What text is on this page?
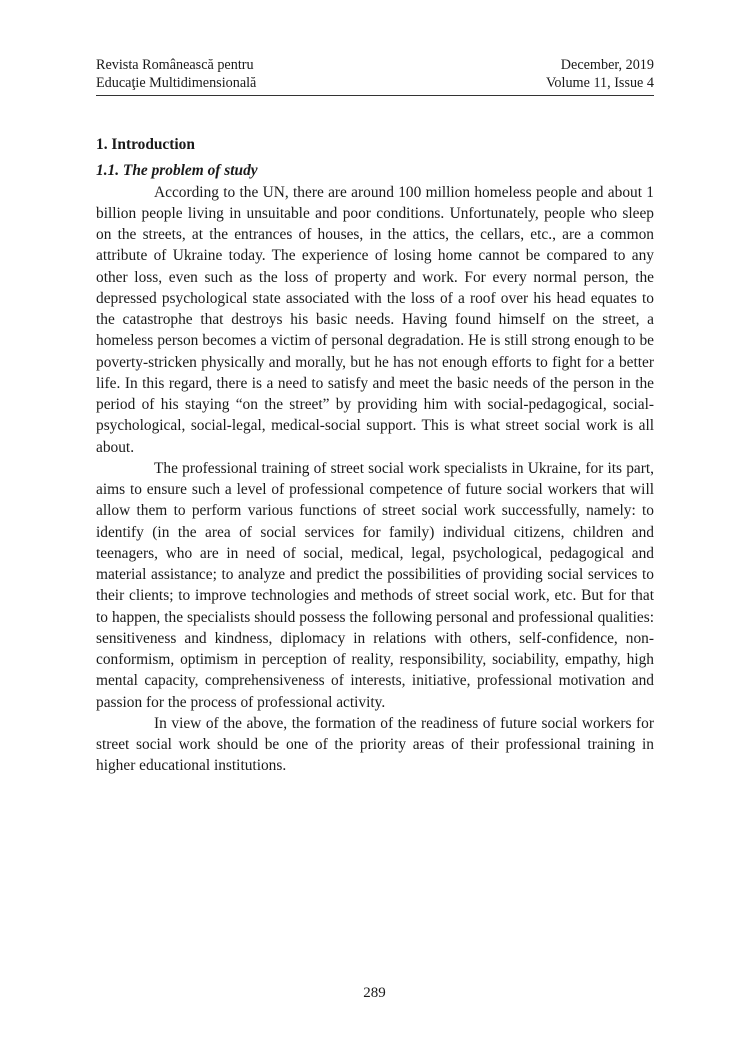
Revista Românească pentru	December, 2019
Educaţie Multidimensională	Volume 11, Issue 4
1. Introduction
1.1. The problem of study

According to the UN, there are around 100 million homeless people and about 1 billion people living in unsuitable and poor conditions. Unfortunately, people who sleep on the streets, at the entrances of houses, in the attics, the cellars, etc., are a common attribute of Ukraine today. The experience of losing home cannot be compared to any other loss, even such as the loss of property and work. For every normal person, the depressed psychological state associated with the loss of a roof over his head equates to the catastrophe that destroys his basic needs. Having found himself on the street, a homeless person becomes a victim of personal degradation. He is still strong enough to be poverty-stricken physically and morally, but he has not enough efforts to fight for a better life. In this regard, there is a need to satisfy and meet the basic needs of the person in the period of his staying “on the street” by providing him with social-pedagogical, social-psychological, social-legal, medical-social support. This is what street social work is all about.

The professional training of street social work specialists in Ukraine, for its part, aims to ensure such a level of professional competence of future social workers that will allow them to perform various functions of street social work successfully, namely: to identify (in the area of social services for family) individual citizens, children and teenagers, who are in need of social, medical, legal, psychological, pedagogical and material assistance; to analyze and predict the possibilities of providing social services to their clients; to improve technologies and methods of street social work, etc. But for that to happen, the specialists should possess the following personal and professional qualities: sensitiveness and kindness, diplomacy in relations with others, self-confidence, non-conformism, optimism in perception of reality, responsibility, sociability, empathy, high mental capacity, comprehensiveness of interests, initiative, professional motivation and passion for the process of professional activity.

In view of the above, the formation of the readiness of future social workers for street social work should be one of the priority areas of their professional training in higher educational institutions.

289
